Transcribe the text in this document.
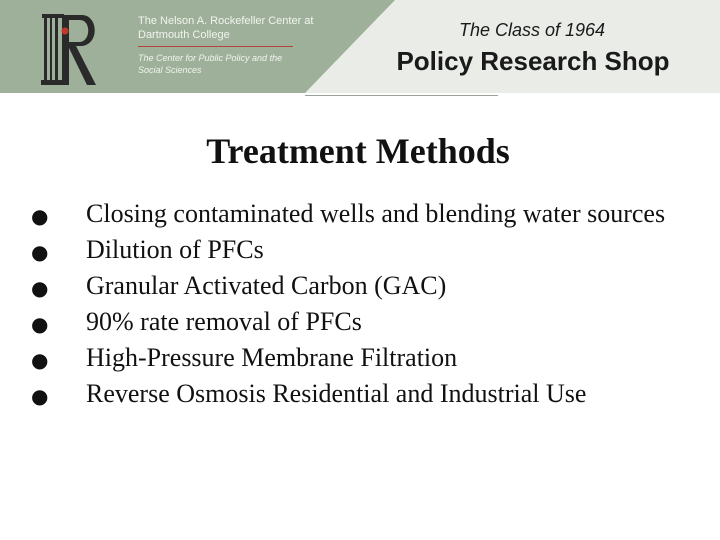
The Nelson A. Rockefeller Center at Dartmouth College
The Center for Public Policy and the Social Sciences
The Class of 1964
Policy Research Shop
Treatment Methods
● Closing contaminated wells and blending water sources
● Dilution of PFCs
● Granular Activated Carbon (GAC)
● 90% rate removal of PFCs
● High-Pressure Membrane Filtration
● Reverse Osmosis Residential and Industrial Use
